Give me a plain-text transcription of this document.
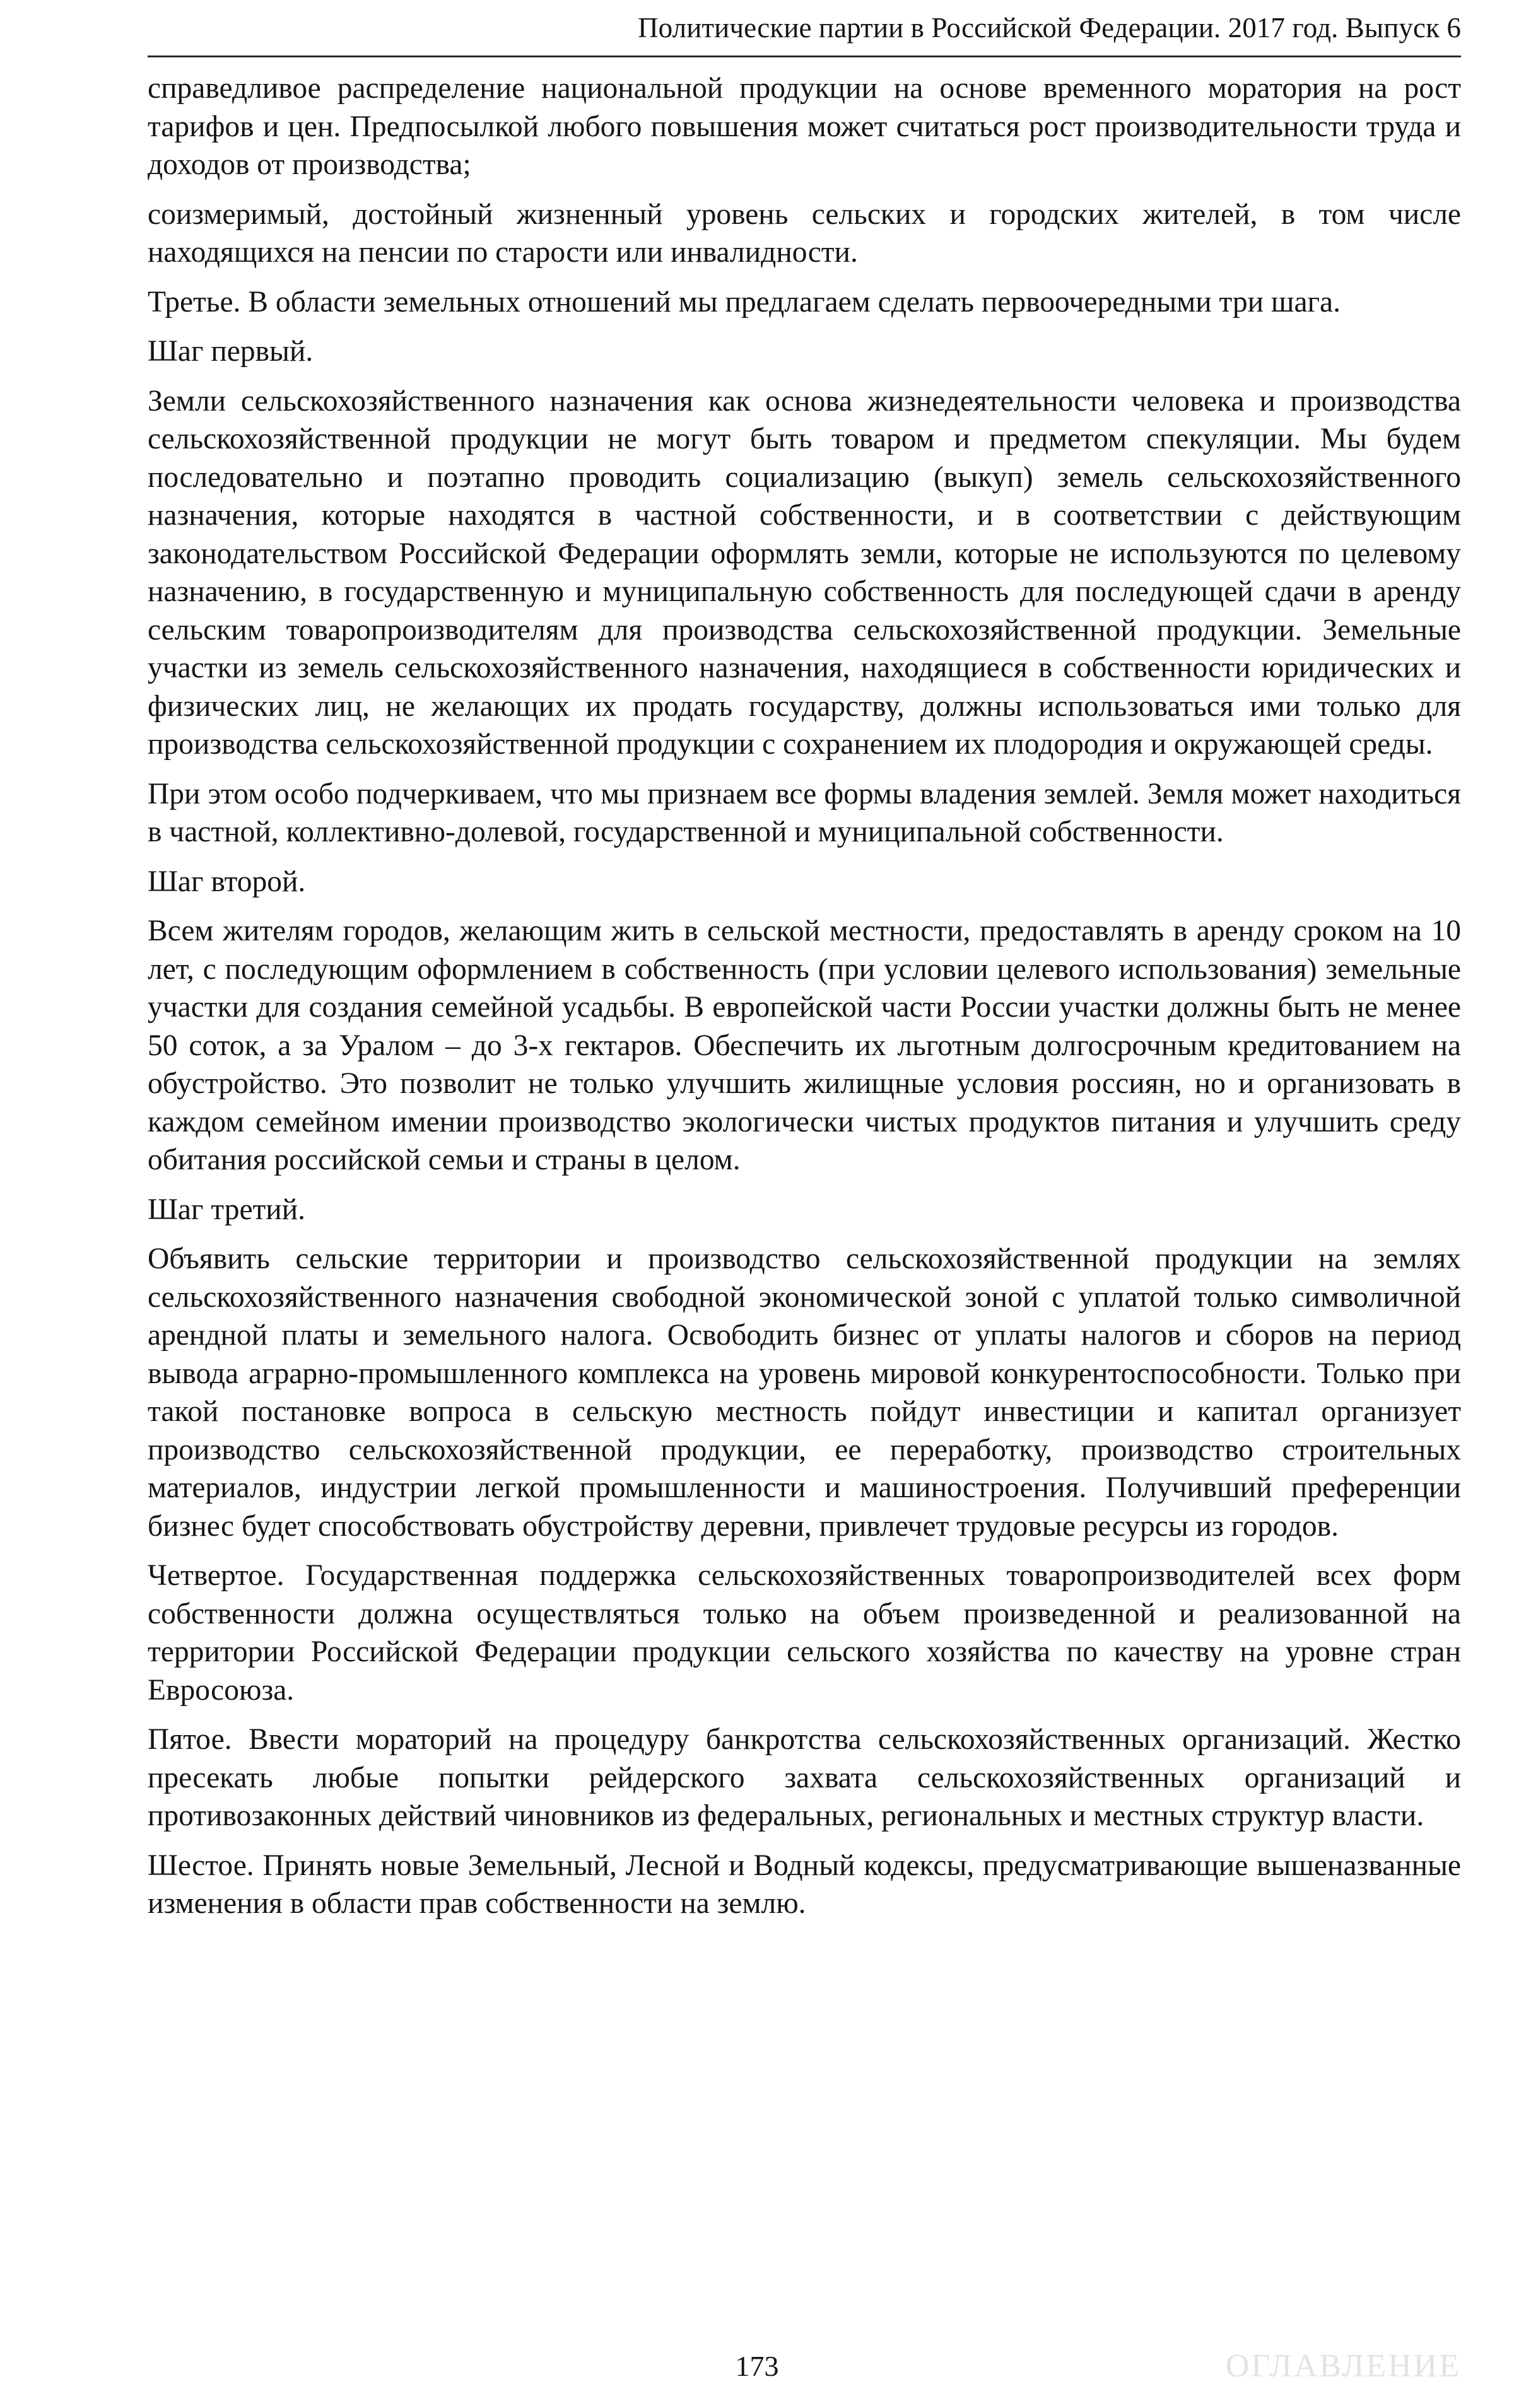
Политические партии в Российской Федерации. 2017 год. Выпуск 6

справедливое распределение национальной продукции на основе временного моратория на рост тарифов и цен. Предпосылкой любого повышения может считаться рост производительности труда и доходов от производства;

соизмеримый, достойный жизненный уровень сельских и городских жителей, в том числе находящихся на пенсии по старости или инвалидности.

Третье. В области земельных отношений мы предлагаем сделать первоочередными три шага.

Шаг первый.

Земли сельскохозяйственного назначения как основа жизнедеятельности человека и производства сельскохозяйственной продукции не могут быть товаром и предметом спекуляции. Мы будем последовательно и поэтапно проводить социализацию (выкуп) земель сельскохозяйственного назначения, которые находятся в частной собственности, и в соответствии с действующим законодательством Российской Федерации оформлять земли, которые не используются по целевому назначению, в государственную и муниципальную собственность для последующей сдачи в аренду сельским товаропроизводителям для производства сельскохозяйственной продукции. Земельные участки из земель сельскохозяйственного назначения, находящиеся в собственности юридических и физических лиц, не желающих их продать государству, должны использоваться ими только для производства сельскохозяйственной продукции с сохранением их плодородия и окружающей среды.

При этом особо подчеркиваем, что мы признаем все формы владения землей. Земля может находиться в частной, коллективно-долевой, государственной и муниципальной собственности.

Шаг второй.

Всем жителям городов, желающим жить в сельской местности, предоставлять в аренду сроком на 10 лет, с последующим оформлением в собственность (при условии целевого использования) земельные участки для создания семейной усадьбы. В европейской части России участки должны быть не менее 50 соток, а за Уралом – до 3-х гектаров. Обеспечить их льготным долгосрочным кредитованием на обустройство. Это позволит не только улучшить жилищные условия россиян, но и организовать в каждом семейном имении производство экологически чистых продуктов питания и улучшить среду обитания российской семьи и страны в целом.

Шаг третий.

Объявить сельские территории и производство сельскохозяйственной продукции на землях сельскохозяйственного назначения свободной экономической зоной с уплатой только символичной арендной платы и земельного налога. Освободить бизнес от уплаты налогов и сборов на период вывода аграрно-промышленного комплекса на уровень мировой конкурентоспособности. Только при такой постановке вопроса в сельскую местность пойдут инвестиции и капитал организует производство сельскохозяйственной продукции, ее переработку, производство строительных материалов, индустрии легкой промышленности и машиностроения. Получивший преференции бизнес будет способствовать обустройству деревни, привлечет трудовые ресурсы из городов.

Четвертое. Государственная поддержка сельскохозяйственных товаропроизводителей всех форм собственности должна осуществляться только на объем произведенной и реализованной на территории Российской Федерации продукции сельского хозяйства по качеству на уровне стран Евросоюза.

Пятое. Ввести мораторий на процедуру банкротства сельскохозяйственных организаций. Жестко пресекать любые попытки рейдерского захвата сельскохозяйственных организаций и противозаконных действий чиновников из федеральных, региональных и местных структур власти.

Шестое. Принять новые Земельный, Лесной и Водный кодексы, предусматривающие вышеназванные изменения в области прав собственности на землю.

173	ОГЛАВЛЕНИЕ
